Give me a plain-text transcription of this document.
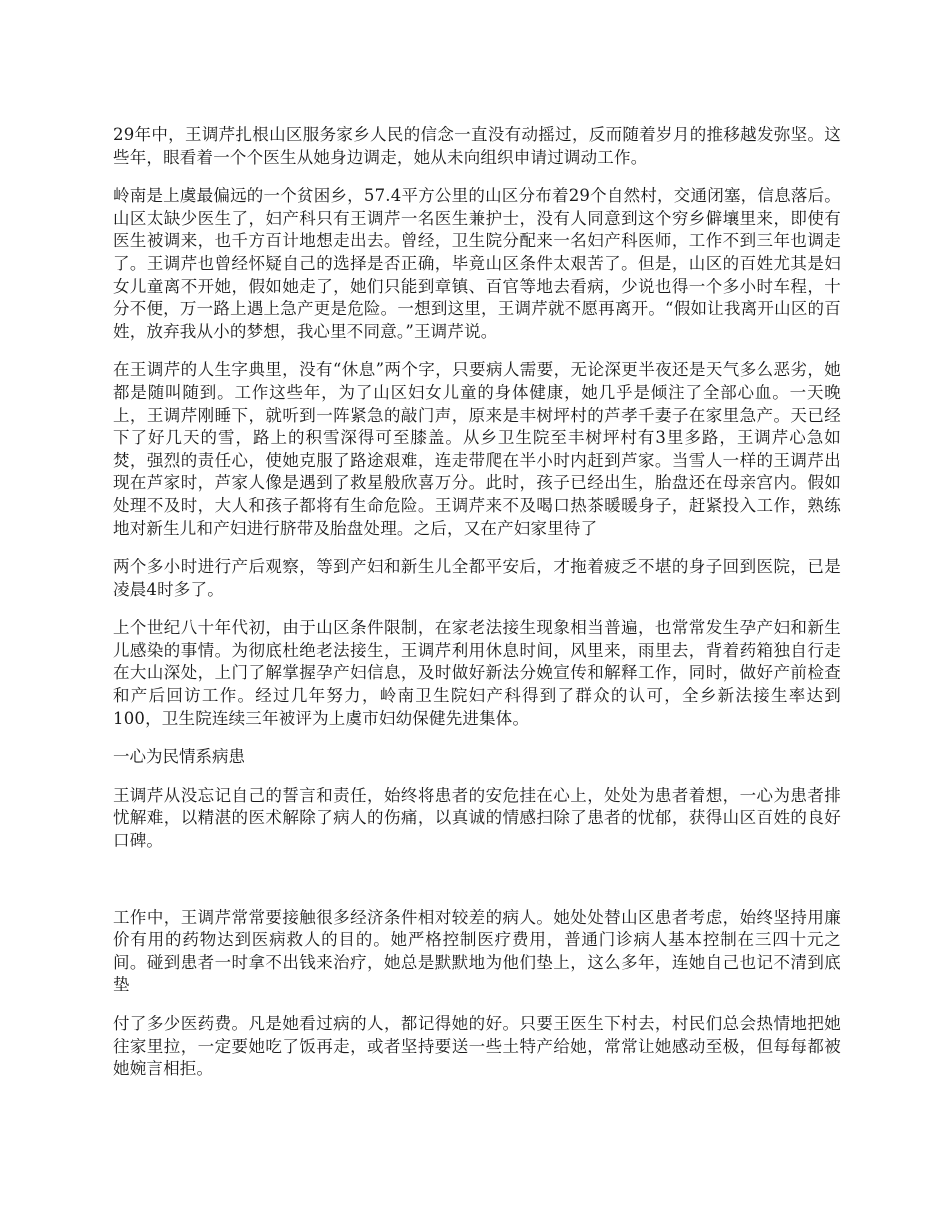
29年中，王调芹扎根山区服务家乡人民的信念一直没有动摇过，反而随着岁月的推移越发弥坚。这些年，眼看着一个个医生从她身边调走，她从未向组织申请过调动工作。

岭南是上虞最偏远的一个贫困乡，57.4平方公里的山区分布着29个自然村，交通闭塞，信息落后。山区太缺少医生了，妇产科只有王调芹一名医生兼护士，没有人同意到这个穷乡僻壤里来，即使有医生被调来，也千方百计地想走出去。曾经，卫生院分配来一名妇产科医师，工作不到三年也调走了。王调芹也曾经怀疑自己的选择是否正确，毕竟山区条件太艰苦了。但是，山区的百姓尤其是妇女儿童离不开她，假如她走了，她们只能到章镇、百官等地去看病，少说也得一个多小时车程，十分不便，万一路上遇上急产更是危险。一想到这里，王调芹就不愿再离开。“假如让我离开山区的百姓，放弃我从小的梦想，我心里不同意。”王调芹说。

在王调芹的人生字典里，没有“休息”两个字，只要病人需要，无论深更半夜还是天气多么恶劣，她都是随叫随到。工作这些年，为了山区妇女儿童的身体健康，她几乎是倾注了全部心血。一天晚上，王调芹刚睡下，就听到一阵紧急的敲门声，原来是丰树坪村的芦孝千妻子在家里急产。天已经下了好几天的雪，路上的积雪深得可至膝盖。从乡卫生院至丰树坪村有3里多路，王调芹心急如焚，强烈的责任心，使她克服了路途艰难，连走带爬在半小时内赶到芦家。当雪人一样的王调芹出现在芦家时，芦家人像是遇到了救星般欣喜万分。此时，孩子已经出生，胎盘还在母亲宫内。假如处理不及时，大人和孩子都将有生命危险。王调芹来不及喝口热茶暖暖身子，赶紧投入工作，熟练地对新生儿和产妇进行脐带及胎盘处理。之后，又在产妇家里待了

两个多小时进行产后观察，等到产妇和新生儿全都平安后，才拖着疲乏不堪的身子回到医院，已是凌晨4时多了。

上个世纪八十年代初，由于山区条件限制，在家老法接生现象相当普遍，也常常发生孕产妇和新生儿感染的事情。为彻底杜绝老法接生，王调芹利用休息时间，风里来，雨里去，背着药箱独自行走在大山深处，上门了解掌握孕产妇信息，及时做好新法分娩宣传和解释工作，同时，做好产前检查和产后回访工作。经过几年努力，岭南卫生院妇产科得到了群众的认可，全乡新法接生率达到100，卫生院连续三年被评为上虞市妇幼保健先进集体。

一心为民情系病患

王调芹从没忘记自己的誓言和责任，始终将患者的安危挂在心上，处处为患者着想，一心为患者排忧解难，以精湛的医术解除了病人的伤痛，以真诚的情感扫除了患者的忧郁，获得山区百姓的良好口碑。

工作中，王调芹常常要接触很多经济条件相对较差的病人。她处处替山区患者考虑，始终坚持用廉价有用的药物达到医病救人的目的。她严格控制医疗费用，普通门诊病人基本控制在三四十元之间。碰到患者一时拿不出钱来治疗，她总是默默地为他们垫上，这么多年，连她自己也记不清到底垫

付了多少医药费。凡是她看过病的人，都记得她的好。只要王医生下村去，村民们总会热情地把她往家里拉，一定要她吃了饭再走，或者坚持要送一些土特产给她，常常让她感动至极，但每每都被她婉言相拒。
